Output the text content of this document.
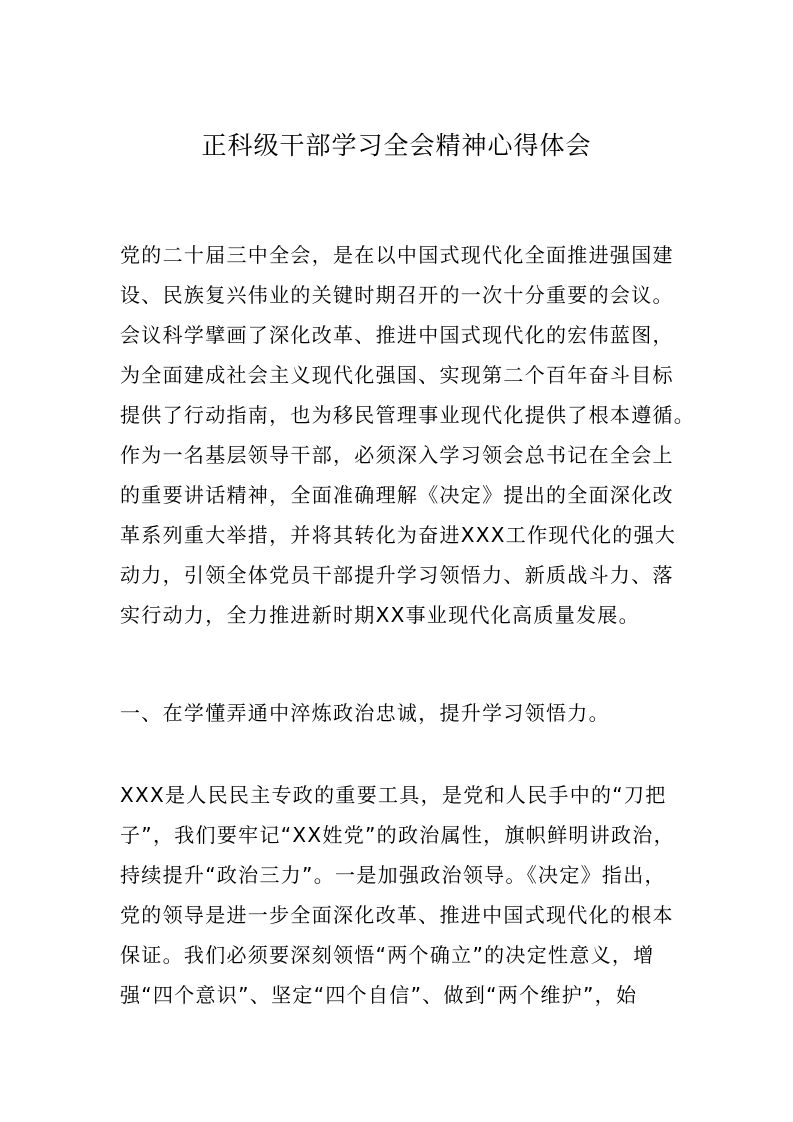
正科级干部学习全会精神心得体会
党的二十届三中全会，是在以中国式现代化全面推进强国建
设、民族复兴伟业的关键时期召开的一次十分重要的会议。
会议科学擘画了深化改革、推进中国式现代化的宏伟蓝图，
为全面建成社会主义现代化强国、实现第二个百年奋斗目标
提供了行动指南，也为移民管理事业现代化提供了根本遵循。
作为一名基层领导干部，必须深入学习领会总书记在全会上
的重要讲话精神，全面准确理解《决定》提出的全面深化改
革系列重大举措，并将其转化为奋进XXX工作现代化的强大
动力，引领全体党员干部提升学习领悟力、新质战斗力、落
实行动力，全力推进新时期XX事业现代化高质量发展。
一、在学懂弄通中淬炼政治忠诚，提升学习领悟力。
XXX是人民民主专政的重要工具，是党和人民手中的“刀把
子”，我们要牢记“XX姓党”的政治属性，旗帜鲜明讲政治，
持续提升“政治三力”。一是加强政治领导。《决定》指出，
党的领导是进一步全面深化改革、推进中国式现代化的根本
保证。我们必须要深刻领悟“两个确立”的决定性意义，增
强“四个意识”、坚定“四个自信”、做到“两个维护”，始
